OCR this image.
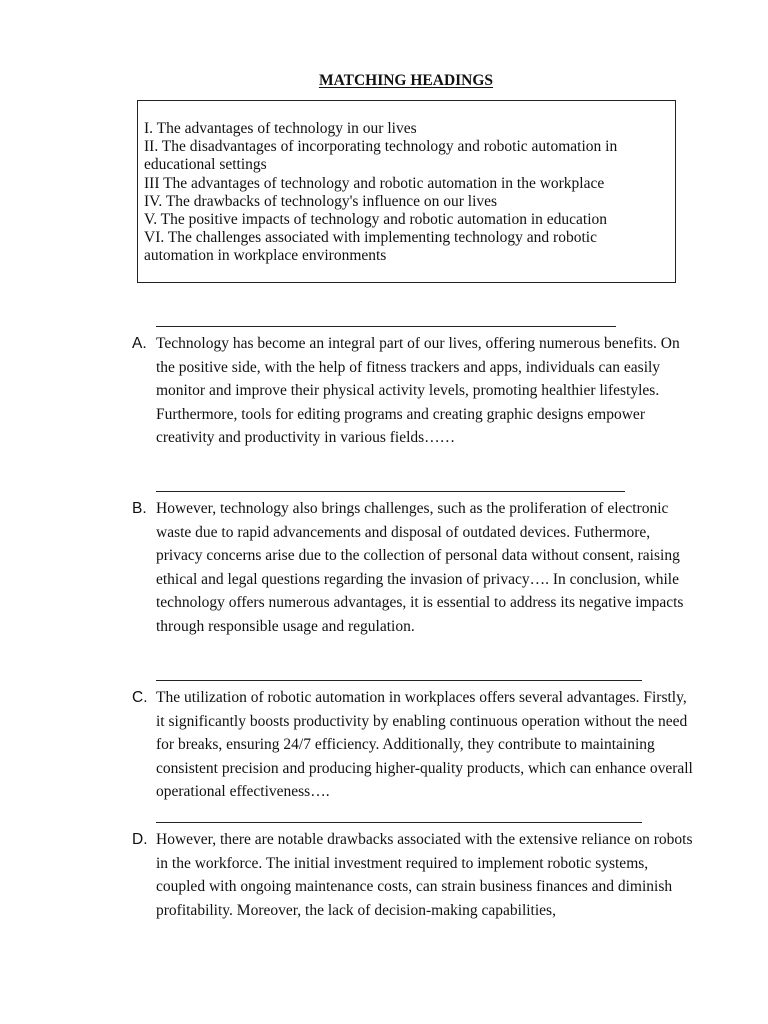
MATCHING HEADINGS

I. The advantages of technology in our lives

II. The disadvantages of incorporating technology and robotic automation in educational settings

III The advantages of technology and robotic automation in the workplace

IV. The drawbacks of technology's influence on our lives

V. The positive impacts of technology and robotic automation in education

VI. The challenges associated with implementing technology and robotic automation in workplace environments

A. Technology has become an integral part of our lives, offering numerous benefits. On the positive side, with the help of fitness trackers and apps, individuals can easily monitor and improve their physical activity levels, promoting healthier lifestyles. Furthermore, tools for editing programs and creating graphic designs empower creativity and productivity in various fields……
B. However, technology also brings challenges, such as the proliferation of electronic waste due to rapid advancements and disposal of outdated devices. Futhermore, privacy concerns arise due to the collection of personal data without consent, raising ethical and legal questions regarding the invasion of privacy…. In conclusion, while technology offers numerous advantages, it is essential to address its negative impacts through responsible usage and regulation.
C. The utilization of robotic automation in workplaces offers several advantages. Firstly, it significantly boosts productivity by enabling continuous operation without the need for breaks, ensuring 24/7 efficiency. Additionally, they contribute to maintaining consistent precision and producing higher-quality products, which can enhance overall operational effectiveness….
D. However, there are notable drawbacks associated with the extensive reliance on robots in the workforce. The initial investment required to implement robotic systems, coupled with ongoing maintenance costs, can strain business finances and diminish profitability. Moreover, the lack of decision-making capabilities,
